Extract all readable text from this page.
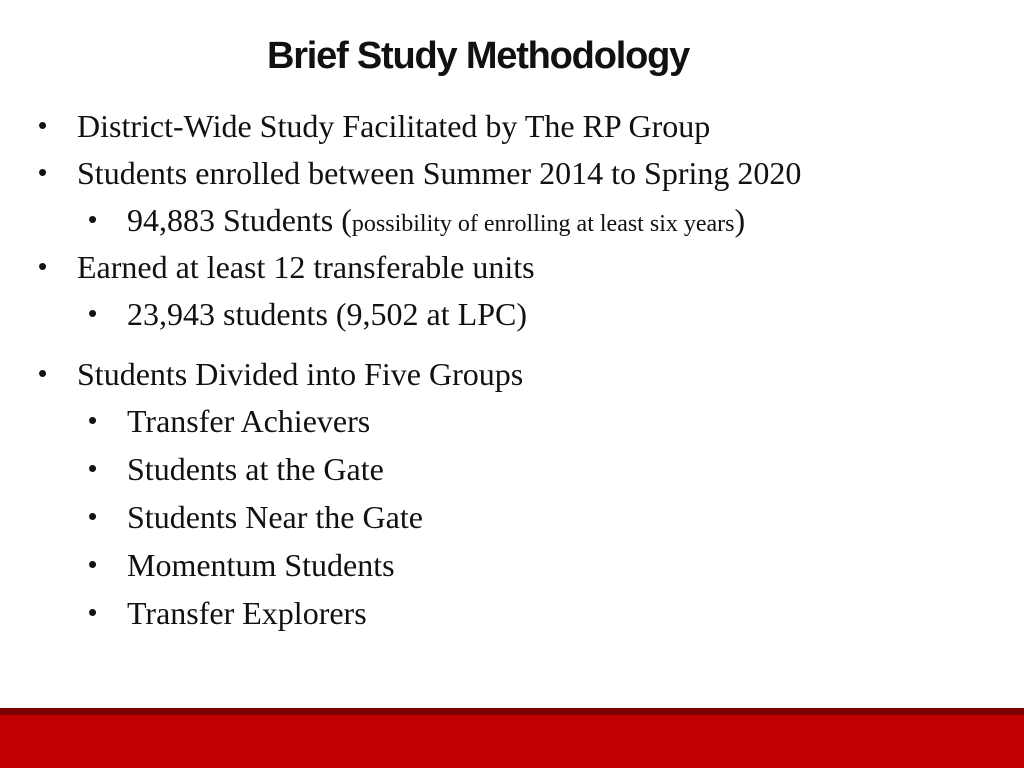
Brief Study Methodology
• District-Wide Study Facilitated by The RP Group
• Students enrolled between Summer 2014 to Spring 2020
• 94,883 Students (possibility of enrolling at least six years)
• Earned at least 12 transferable units
• 23,943 students (9,502 at LPC)
• Students Divided into Five Groups
• Transfer Achievers
• Students at the Gate
• Students Near the Gate
• Momentum Students
• Transfer Explorers
